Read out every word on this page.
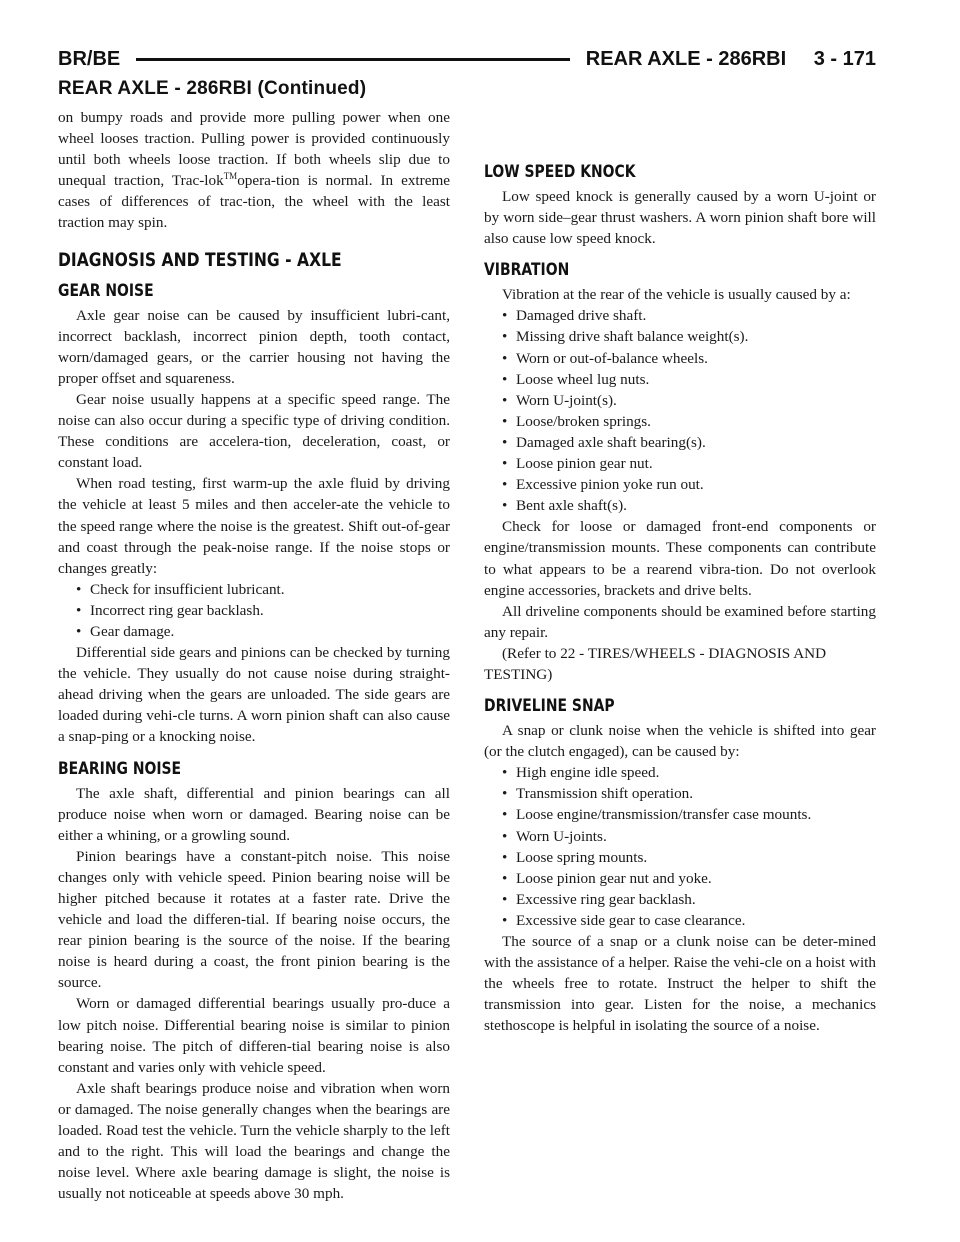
BR/BE	REAR AXLE - 286RBI 3 - 171
REAR AXLE - 286RBI (Continued)

on bumpy roads and provide more pulling power when one wheel looses traction. Pulling power is provided continuously until both wheels loose traction. If both wheels slip due to unequal traction, Trac-lok™opera-tion is normal. In extreme cases of differences of trac-tion, the wheel with the least traction may spin.

DIAGNOSIS AND TESTING - AXLE
GEAR NOISE

Axle gear noise can be caused by insufficient lubri-cant, incorrect backlash, incorrect pinion depth, tooth contact, worn/damaged gears, or the carrier housing not having the proper offset and squareness.

Gear noise usually happens at a specific speed range. The noise can also occur during a specific type of driving condition. These conditions are accelera-tion, deceleration, coast, or constant load.

When road testing, first warm-up the axle fluid by driving the vehicle at least 5 miles and then acceler-ate the vehicle to the speed range where the noise is the greatest. Shift out-of-gear and coast through the peak-noise range. If the noise stops or changes greatly:

• Check for insufficient lubricant.
• Incorrect ring gear backlash.
• Gear damage.

Differential side gears and pinions can be checked by turning the vehicle. They usually do not cause noise during straight-ahead driving when the gears are unloaded. The side gears are loaded during vehi-cle turns. A worn pinion shaft can also cause a snap-ping or a knocking noise.

BEARING NOISE

The axle shaft, differential and pinion bearings can all produce noise when worn or damaged. Bearing noise can be either a whining, or a growling sound.

Pinion bearings have a constant-pitch noise. This noise changes only with vehicle speed. Pinion bearing noise will be higher pitched because it rotates at a faster rate. Drive the vehicle and load the differen-tial. If bearing noise occurs, the rear pinion bearing is the source of the noise. If the bearing noise is heard during a coast, the front pinion bearing is the source.

Worn or damaged differential bearings usually pro-duce a low pitch noise. Differential bearing noise is similar to pinion bearing noise. The pitch of differen-tial bearing noise is also constant and varies only with vehicle speed.

Axle shaft bearings produce noise and vibration when worn or damaged. The noise generally changes when the bearings are loaded. Road test the vehicle. Turn the vehicle sharply to the left and to the right. This will load the bearings and change the noise level. Where axle bearing damage is slight, the noise is usually not noticeable at speeds above 30 mph.

LOW SPEED KNOCK

Low speed knock is generally caused by a worn U-joint or by worn side–gear thrust washers. A worn pinion shaft bore will also cause low speed knock.

VIBRATION

Vibration at the rear of the vehicle is usually caused by a:

• Damaged drive shaft.
• Missing drive shaft balance weight(s).
• Worn or out-of-balance wheels.
• Loose wheel lug nuts.
• Worn U-joint(s).
• Loose/broken springs.
• Damaged axle shaft bearing(s).
• Loose pinion gear nut.
• Excessive pinion yoke run out.
• Bent axle shaft(s).

Check for loose or damaged front-end components or engine/transmission mounts. These components can contribute to what appears to be a rearend vibra-tion. Do not overlook engine accessories, brackets and drive belts.

All driveline components should be examined before starting any repair.

(Refer to 22 - TIRES/WHEELS - DIAGNOSIS AND TESTING)

DRIVELINE SNAP

A snap or clunk noise when the vehicle is shifted into gear (or the clutch engaged), can be caused by:

• High engine idle speed.
• Transmission shift operation.
• Loose engine/transmission/transfer case mounts.
• Worn U-joints.
• Loose spring mounts.
• Loose pinion gear nut and yoke.
• Excessive ring gear backlash.
• Excessive side gear to case clearance.

The source of a snap or a clunk noise can be deter-mined with the assistance of a helper. Raise the vehi-cle on a hoist with the wheels free to rotate. Instruct the helper to shift the transmission into gear. Listen for the noise, a mechanics stethoscope is helpful in isolating the source of a noise.
